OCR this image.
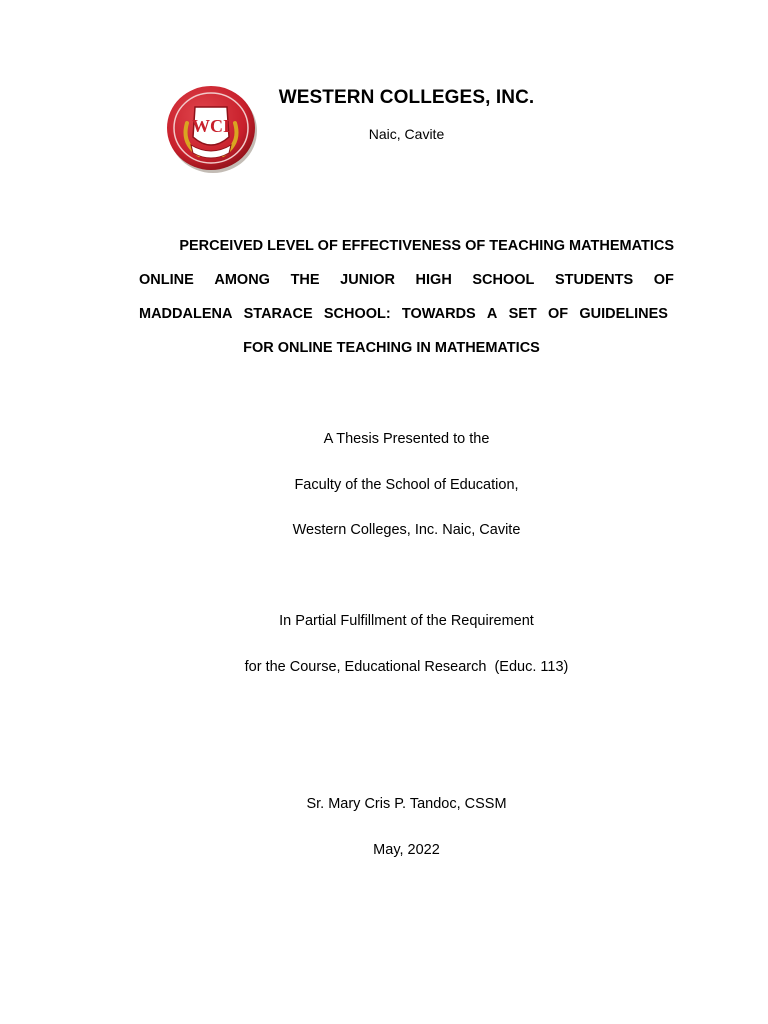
WCI
WESTERN COLLEGES, INC.
Naic, Cavite
PERCEIVED LEVEL OF EFFECTIVENESS OF TEACHING MATHEMATICS
ONLINE AMONG THE JUNIOR HIGH SCHOOL STUDENTS OF
MADDALENA STARACE SCHOOL: TOWARDS A SET OF GUIDELINES
FOR ONLINE TEACHING IN MATHEMATICS
A Thesis Presented to the
Faculty of the School of Education,
Western Colleges, Inc. Naic, Cavite
In Partial Fulfillment of the Requirement
for the Course, Educational Research  (Educ. 113)
Sr. Mary Cris P. Tandoc, CSSM
May, 2022
